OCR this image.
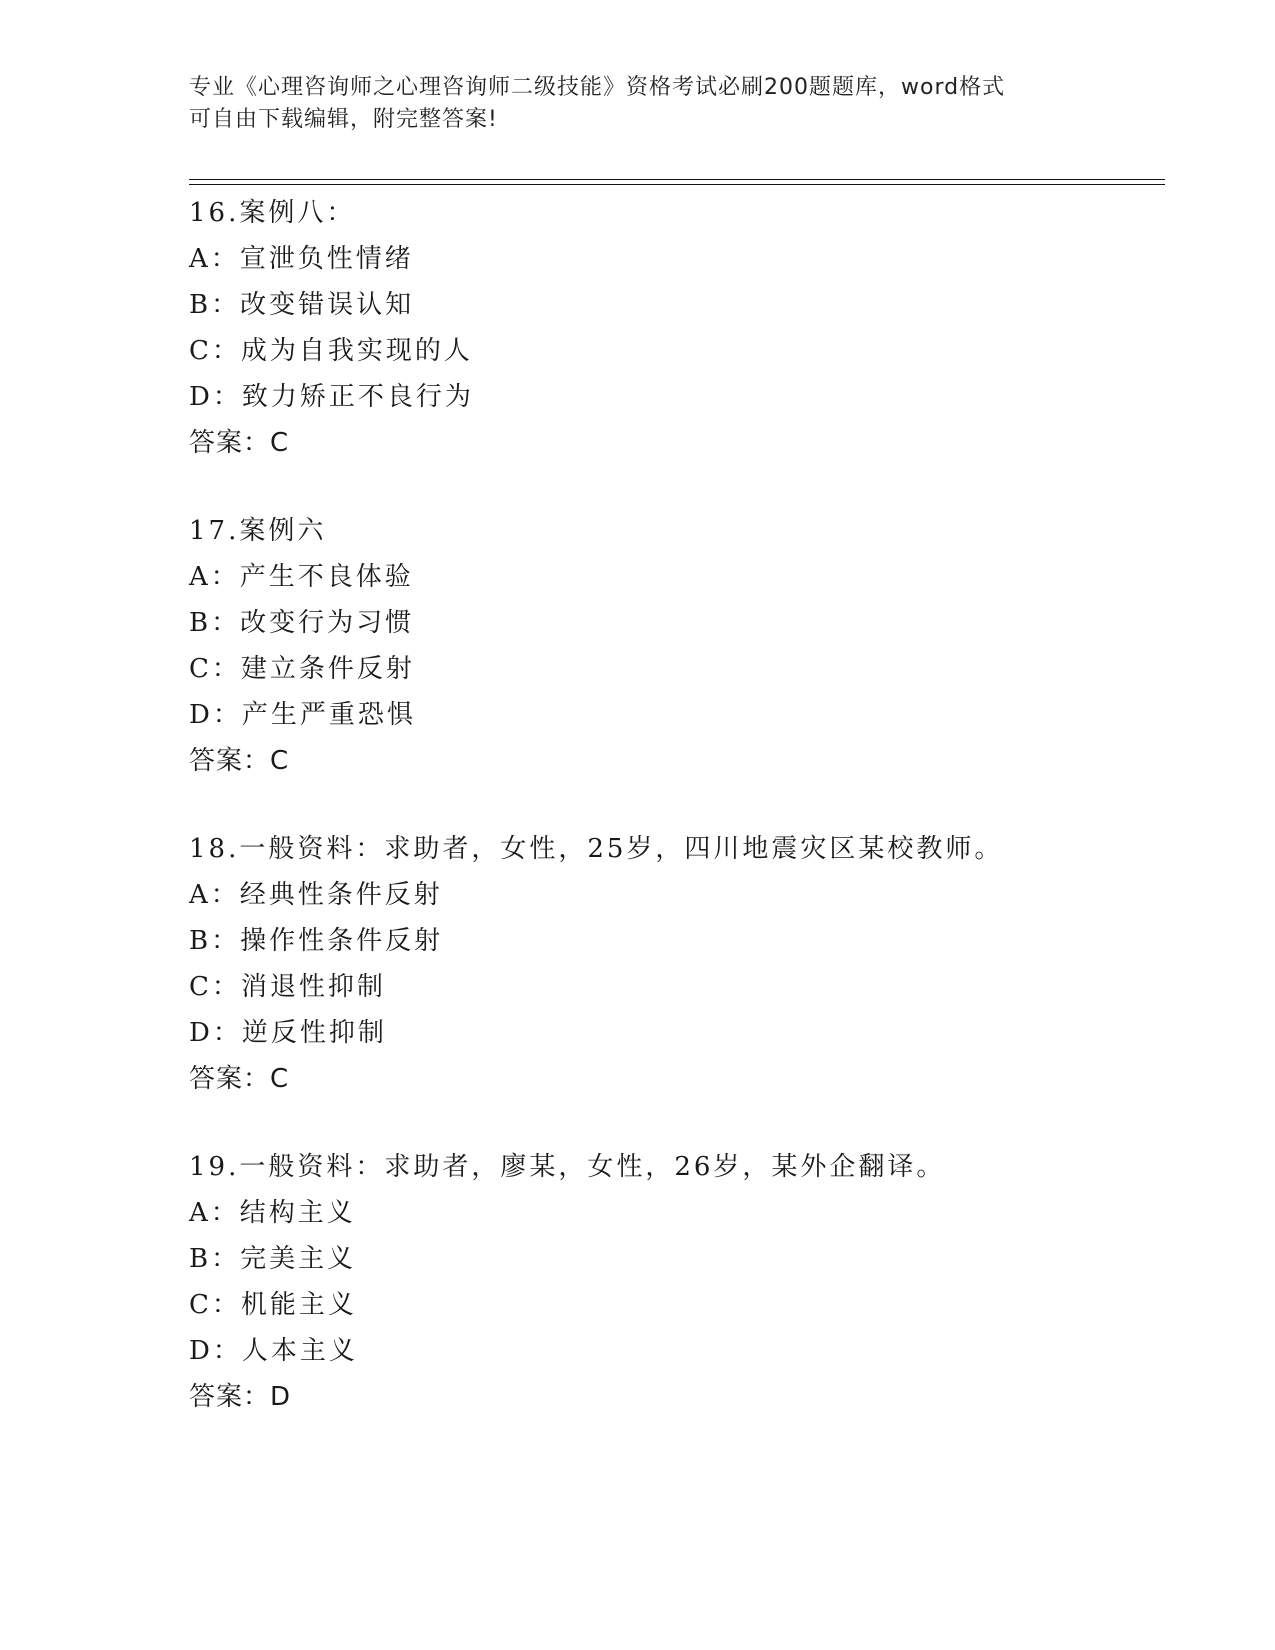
专业《心理咨询师之心理咨询师二级技能》资格考试必刷200题题库，word格式
可自由下载编辑，附完整答案!
16.案例八：
A：宣泄负性情绪
B：改变错误认知
C：成为自我实现的人
D：致力矫正不良行为
答案：C
17.案例六
A：产生不良体验
B：改变行为习惯
C：建立条件反射
D：产生严重恐惧
答案：C
18.一般资料：求助者，女性，25岁，四川地震灾区某校教师。
A：经典性条件反射
B：操作性条件反射
C：消退性抑制
D：逆反性抑制
答案：C
19.一般资料：求助者，廖某，女性，26岁，某外企翻译。
A：结构主义
B：完美主义
C：机能主义
D：人本主义
答案：D
